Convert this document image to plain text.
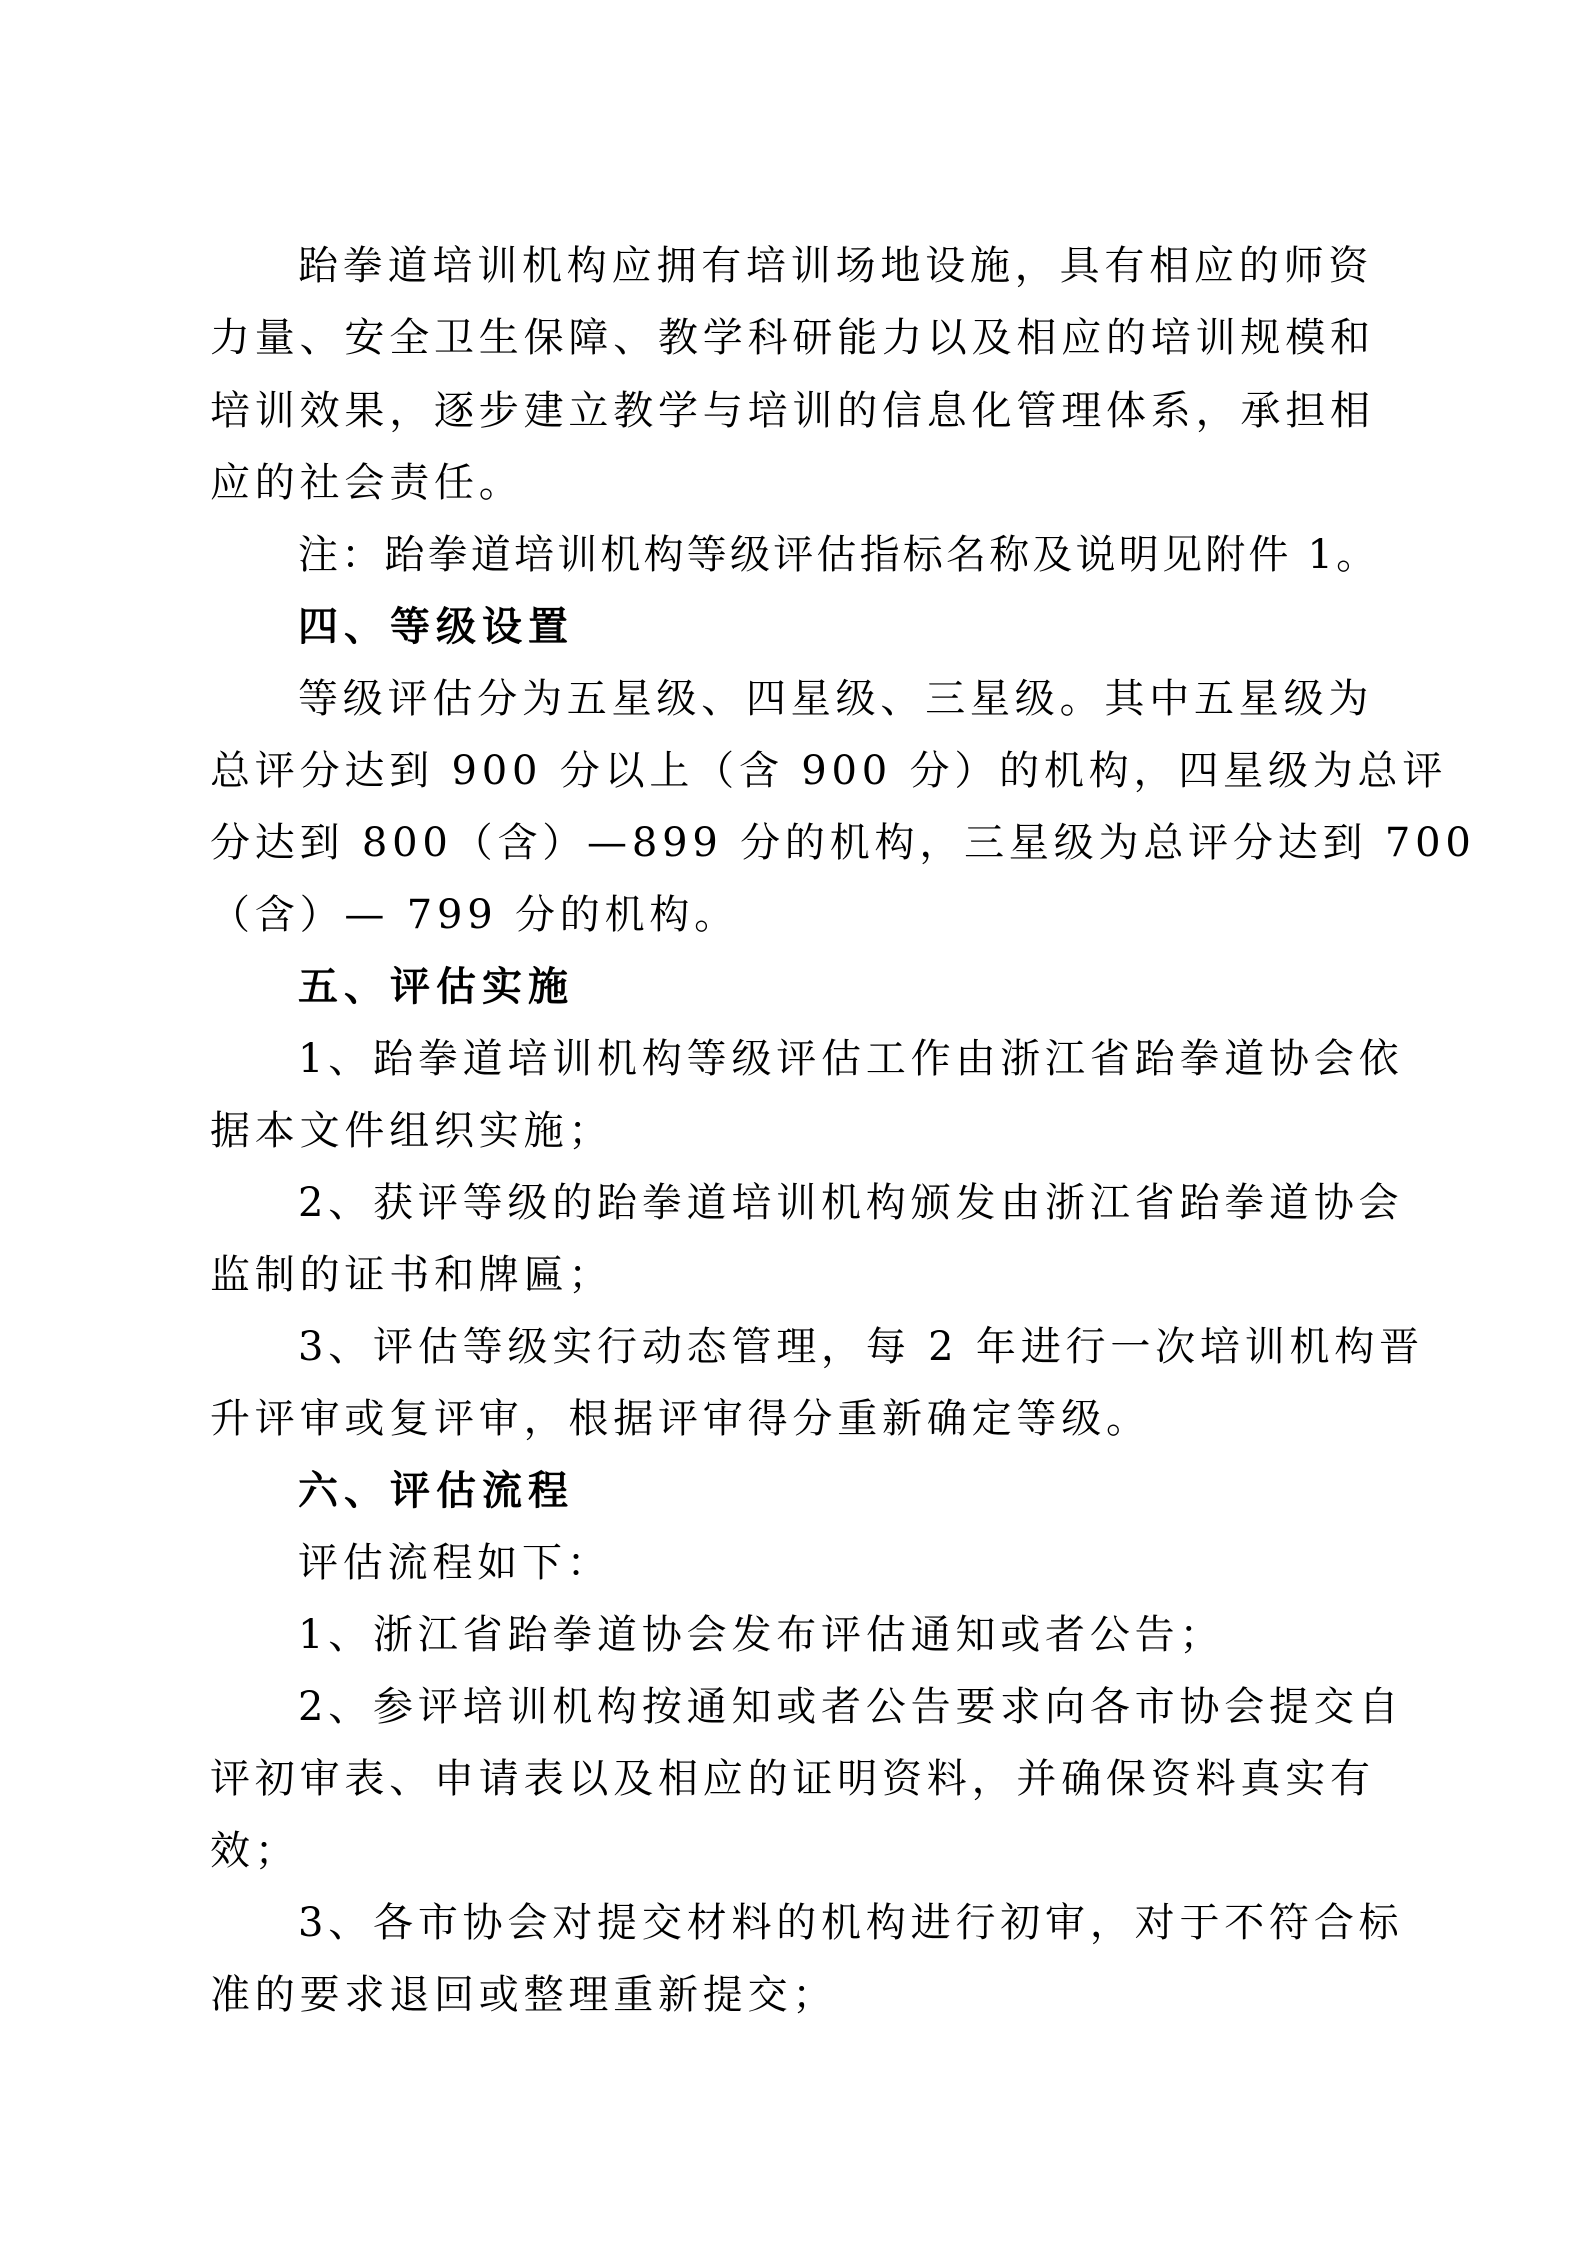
跆拳道培训机构应拥有培训场地设施，具有相应的师资
力量、安全卫生保障、教学科研能力以及相应的培训规模和
培训效果，逐步建立教学与培训的信息化管理体系，承担相
应的社会责任。
注：跆拳道培训机构等级评估指标名称及说明见附件 1。
四、等级设置
等级评估分为五星级、四星级、三星级。其中五星级为
总评分达到 900 分以上（含 900 分）的机构，四星级为总评
分达到 800（含）—899 分的机构，三星级为总评分达到 700
（含）— 799 分的机构。
五、评估实施
1、跆拳道培训机构等级评估工作由浙江省跆拳道协会依
据本文件组织实施；
2、获评等级的跆拳道培训机构颁发由浙江省跆拳道协会
监制的证书和牌匾；
3、评估等级实行动态管理，每 2 年进行一次培训机构晋
升评审或复评审，根据评审得分重新确定等级。
六、评估流程
评估流程如下：
1、浙江省跆拳道协会发布评估通知或者公告；
2、参评培训机构按通知或者公告要求向各市协会提交自
评初审表、申请表以及相应的证明资料，并确保资料真实有
效；
3、各市协会对提交材料的机构进行初审，对于不符合标
准的要求退回或整理重新提交；
